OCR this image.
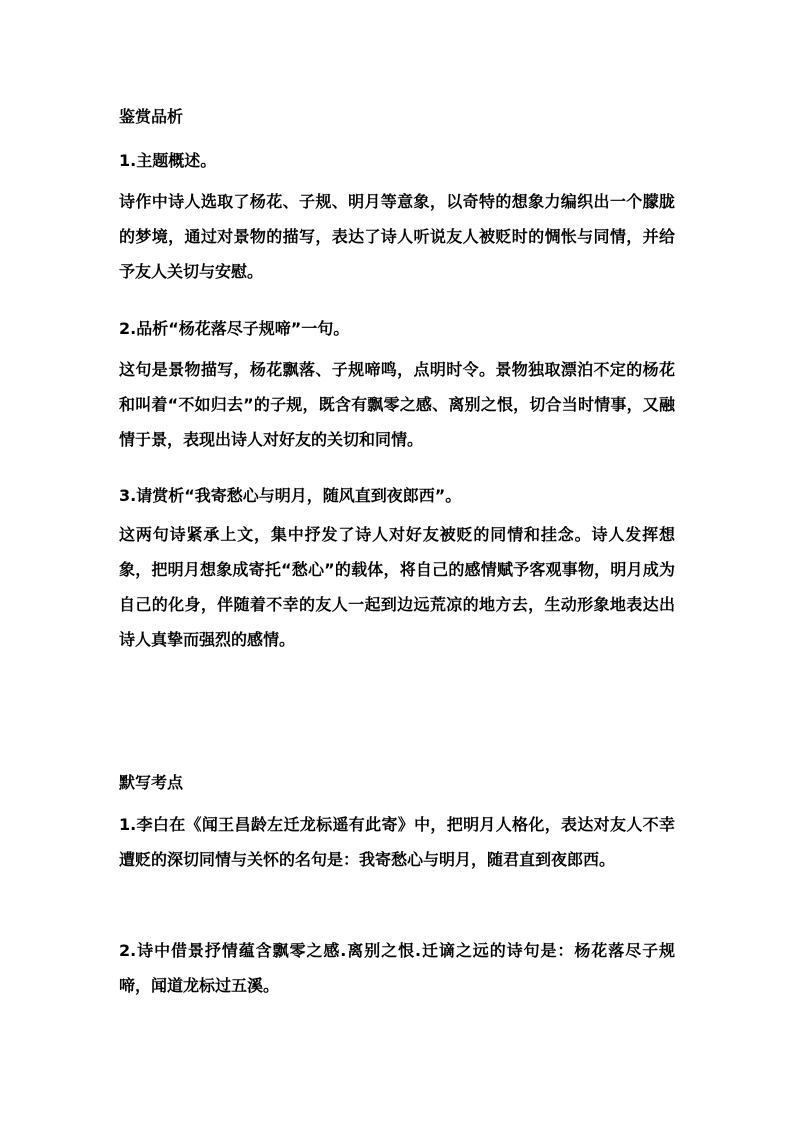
鉴赏品析
1.主题概述。
诗作中诗人选取了杨花、子规、明月等意象，以奇特的想象力编织出一个朦胧的梦境，通过对景物的描写，表达了诗人听说友人被贬时的惆怅与同情，并给予友人关切与安慰。
2.品析“杨花落尽子规啼”一句。
这句是景物描写，杨花飘落、子规啼鸣，点明时令。景物独取漂泊不定的杨花和叫着“不如归去”的子规，既含有飘零之感、离别之恨，切合当时情事，又融情于景，表现出诗人对好友的关切和同情。
3.请赏析“我寄愁心与明月，随风直到夜郎西”。
这两句诗紧承上文，集中抒发了诗人对好友被贬的同情和挂念。诗人发挥想象，把明月想象成寄托“愁心”的载体，将自己的感情赋予客观事物，明月成为自己的化身，伴随着不幸的友人一起到边远荒凉的地方去，生动形象地表达出诗人真挚而强烈的感情。
默写考点
1.李白在《闻王昌龄左迁龙标遥有此寄》中，把明月人格化，表达对友人不幸遭贬的深切同情与关怀的名句是：我寄愁心与明月，随君直到夜郎西。
2.诗中借景抒情蕴含飘零之感.离别之恨.迁谪之远的诗句是：杨花落尽子规啼，闻道龙标过五溪。
